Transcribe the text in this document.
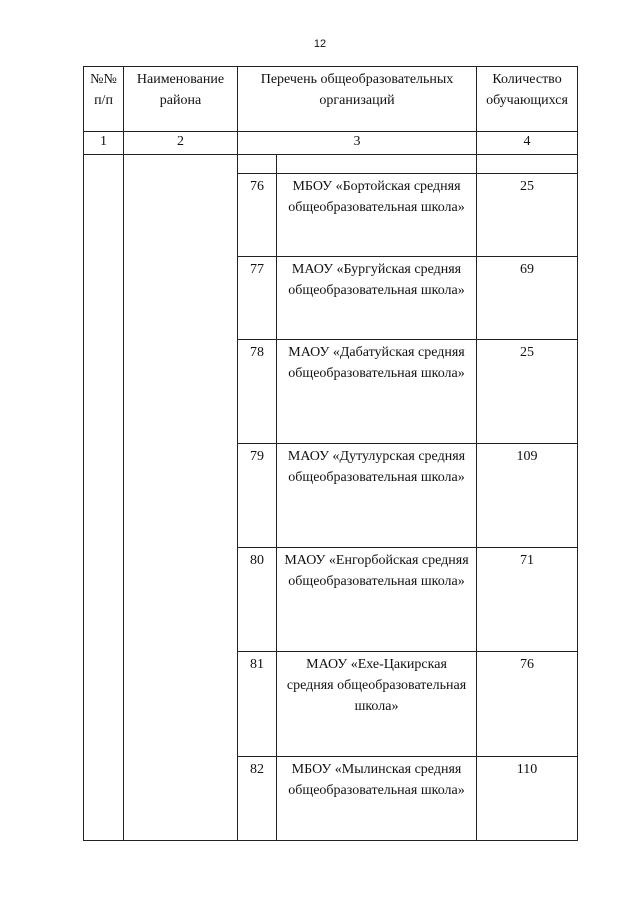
12
№№ п/п	Наименование района	Перечень общеобразовательных организаций		Количество обучающихся
1	2	3		4

		76	МБОУ «Бортойская средняя общеобразовательная школа»	25
		77	МАОУ «Бургуйская средняя общеобразовательная школа»	69
		78	МАОУ «Дабатуйская средняя общеобразовательная школа»	25
		79	МАОУ «Дутулурская средняя общеобразовательная школа»	109
		80	МАОУ «Енгорбойская средняя общеобразовательная школа»	71
		81	МАОУ «Ехе-Цакирская средняя общеобразовательная школа»	76
		82	МБОУ «Мылинская средняя общеобразовательная школа»	110
